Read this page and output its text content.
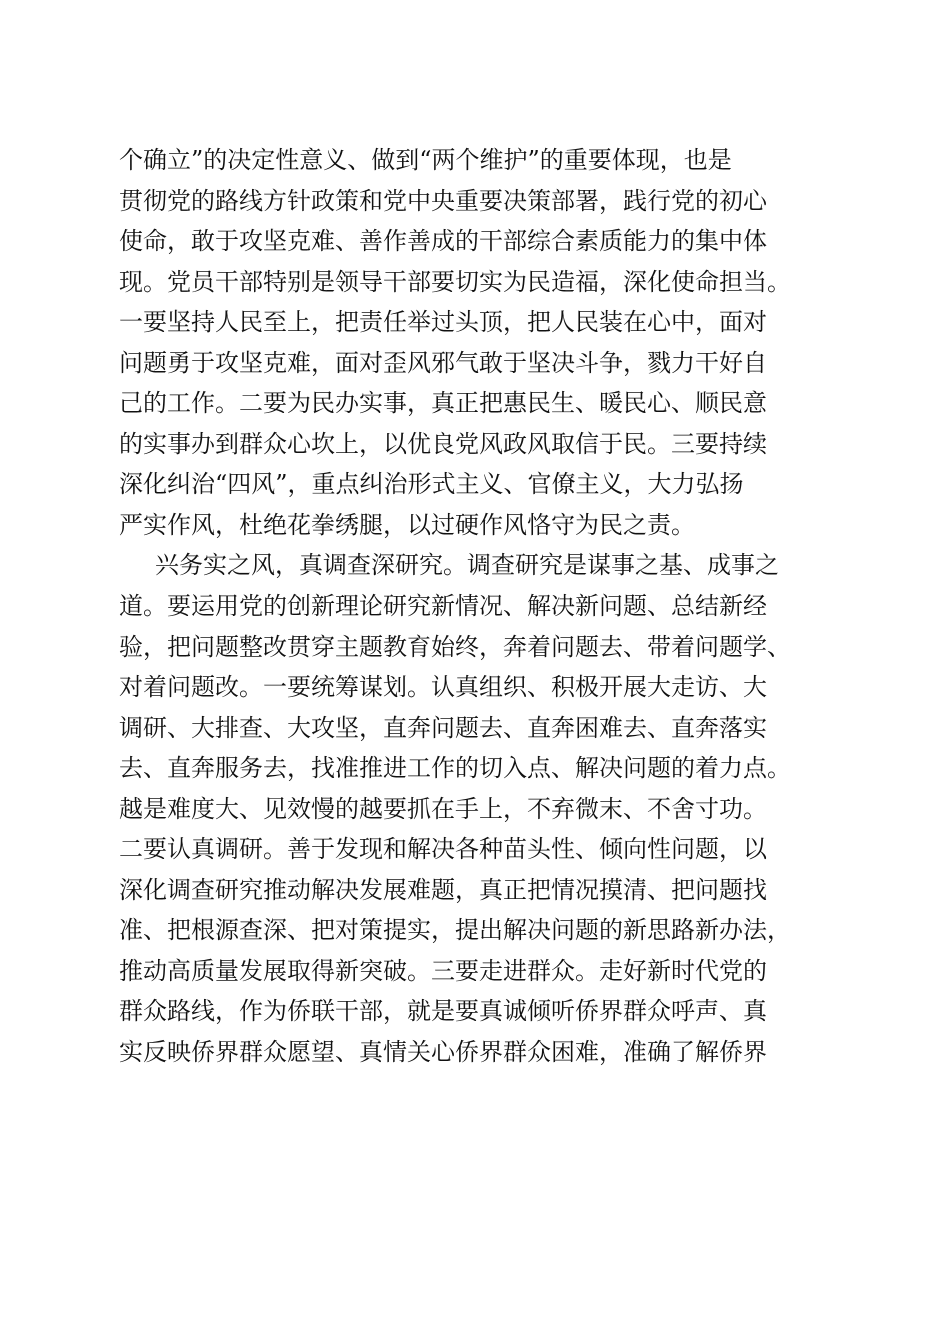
个确立”的决定性意义、做到“两个维护”的重要体现，也是
贯彻党的路线方针政策和党中央重要决策部署，践行党的初心
使命，敢于攻坚克难、善作善成的干部综合素质能力的集中体
现。党员干部特别是领导干部要切实为民造福，深化使命担当。
一要坚持人民至上，把责任举过头顶，把人民装在心中，面对
问题勇于攻坚克难，面对歪风邪气敢于坚决斗争，戮力干好自
己的工作。二要为民办实事，真正把惠民生、暖民心、顺民意
的实事办到群众心坎上，以优良党风政风取信于民。三要持续
深化纠治“四风”，重点纠治形式主义、官僚主义，大力弘扬
严实作风，杜绝花拳绣腿，以过硬作风恪守为民之责。
兴务实之风，真调查深研究。调查研究是谋事之基、成事之
道。要运用党的创新理论研究新情况、解决新问题、总结新经
验，把问题整改贯穿主题教育始终，奔着问题去、带着问题学、
对着问题改。一要统筹谋划。认真组织、积极开展大走访、大
调研、大排查、大攻坚，直奔问题去、直奔困难去、直奔落实
去、直奔服务去，找准推进工作的切入点、解决问题的着力点。
越是难度大、见效慢的越要抓在手上，不弃微末、不舍寸功。
二要认真调研。善于发现和解决各种苗头性、倾向性问题，以
深化调查研究推动解决发展难题，真正把情况摸清、把问题找
准、把根源查深、把对策提实，提出解决问题的新思路新办法，
推动高质量发展取得新突破。三要走进群众。走好新时代党的
群众路线，作为侨联干部，就是要真诚倾听侨界群众呼声、真
实反映侨界群众愿望、真情关心侨界群众困难，准确了解侨界
